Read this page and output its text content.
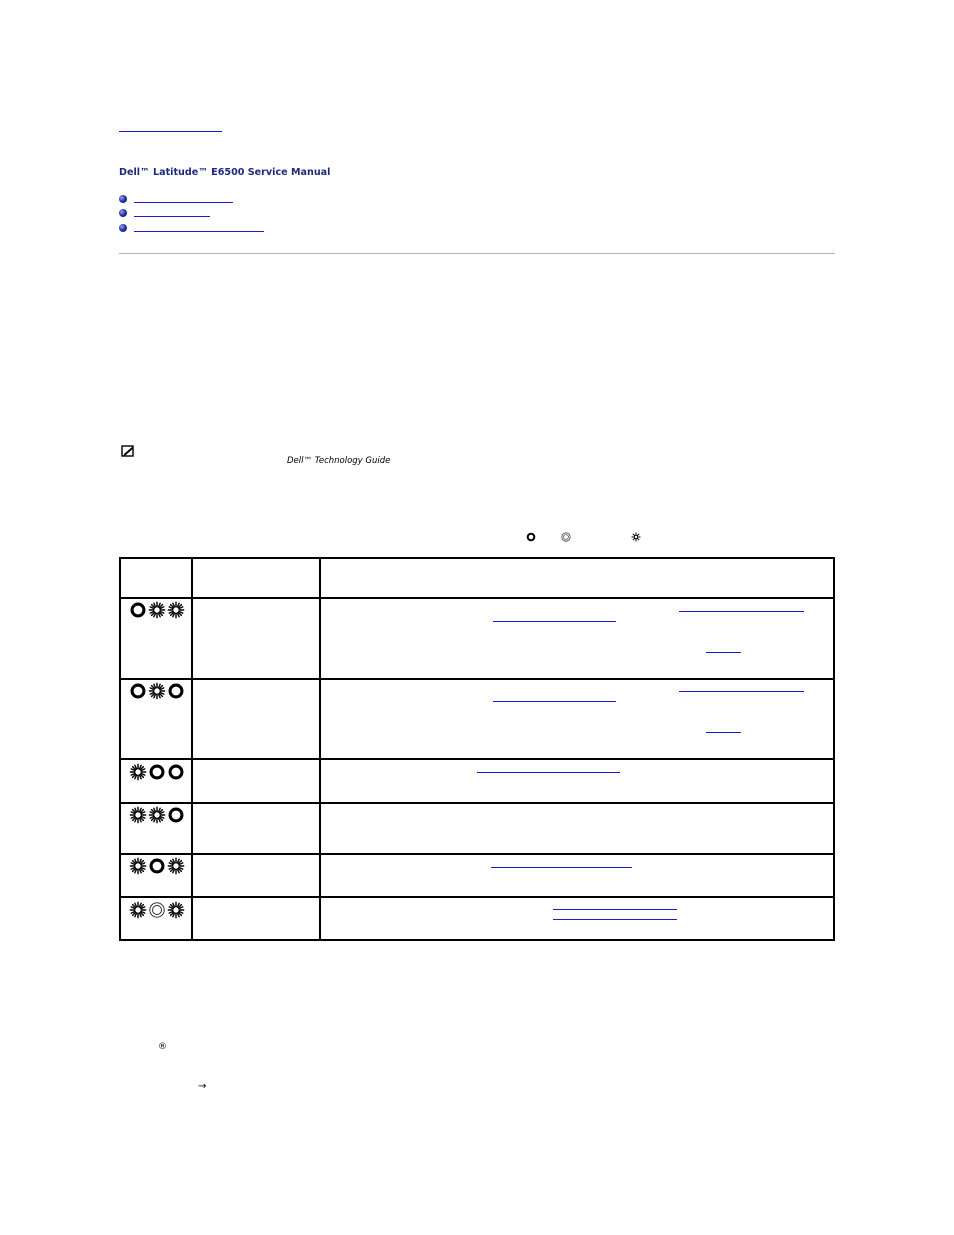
Dell™ Latitude™ E6500 Service Manual
Dell™ Technology Guide
®
→
